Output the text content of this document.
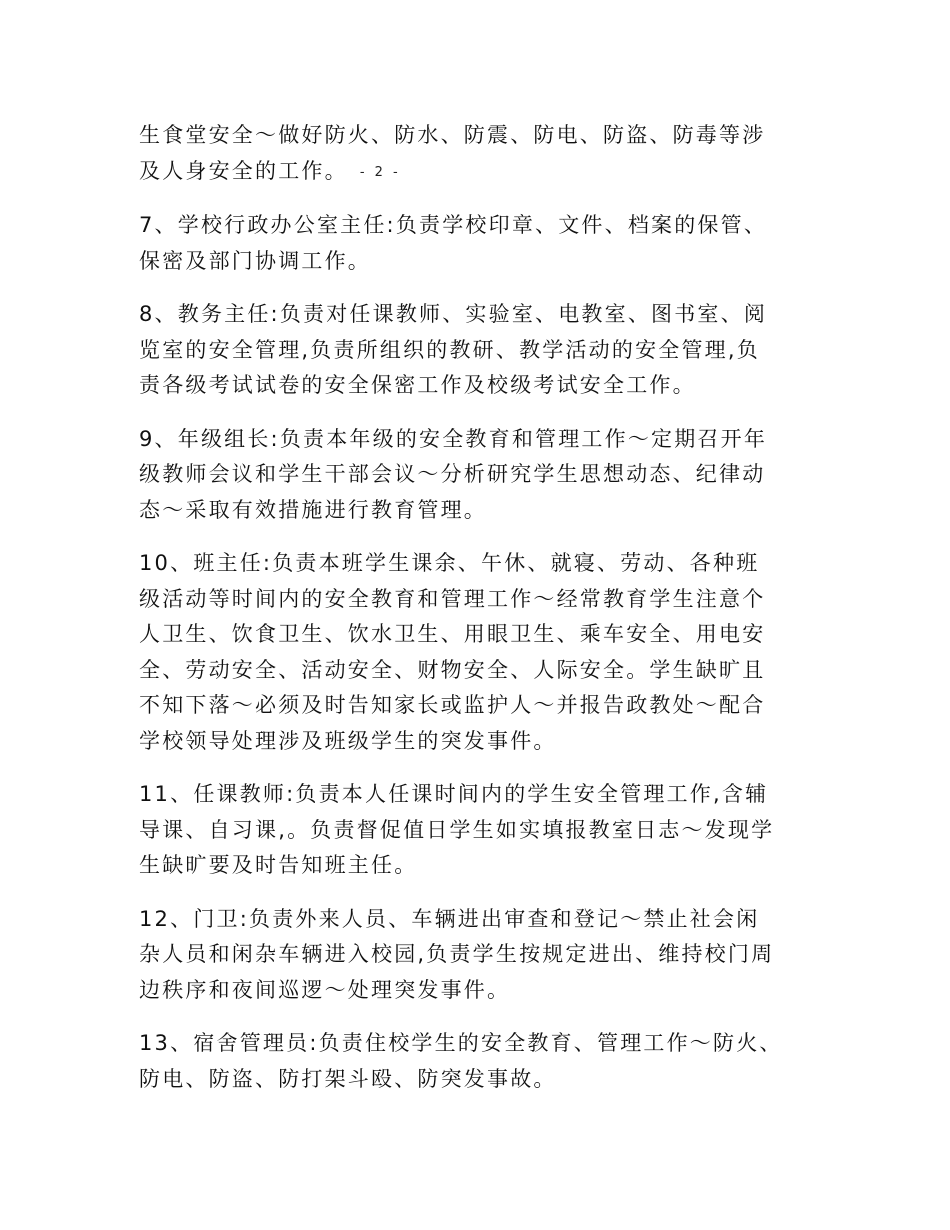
生食堂安全～做好防火、防水、防震、防电、防盗、防毒等涉
及人身安全的工作。 - 2 -
7、学校行政办公室主任:负责学校印章、文件、档案的保管、
保密及部门协调工作。
8、教务主任:负责对任课教师、实验室、电教室、图书室、阅
览室的安全管理,负责所组织的教研、教学活动的安全管理,负
责各级考试试卷的安全保密工作及校级考试安全工作。
9、年级组长:负责本年级的安全教育和管理工作～定期召开年
级教师会议和学生干部会议～分析研究学生思想动态、纪律动
态～采取有效措施进行教育管理。
10、班主任:负责本班学生课余、午休、就寝、劳动、各种班
级活动等时间内的安全教育和管理工作～经常教育学生注意个
人卫生、饮食卫生、饮水卫生、用眼卫生、乘车安全、用电安
全、劳动安全、活动安全、财物安全、人际安全。学生缺旷且
不知下落～必须及时告知家长或监护人～并报告政教处～配合
学校领导处理涉及班级学生的突发事件。
11、任课教师:负责本人任课时间内的学生安全管理工作,含辅
导课、自习课,。负责督促值日学生如实填报教室日志～发现学
生缺旷要及时告知班主任。
12、门卫:负责外来人员、车辆进出审查和登记～禁止社会闲
杂人员和闲杂车辆进入校园,负责学生按规定进出、维持校门周
边秩序和夜间巡逻～处理突发事件。
13、宿舍管理员:负责住校学生的安全教育、管理工作～防火、
防电、防盗、防打架斗殴、防突发事故。
